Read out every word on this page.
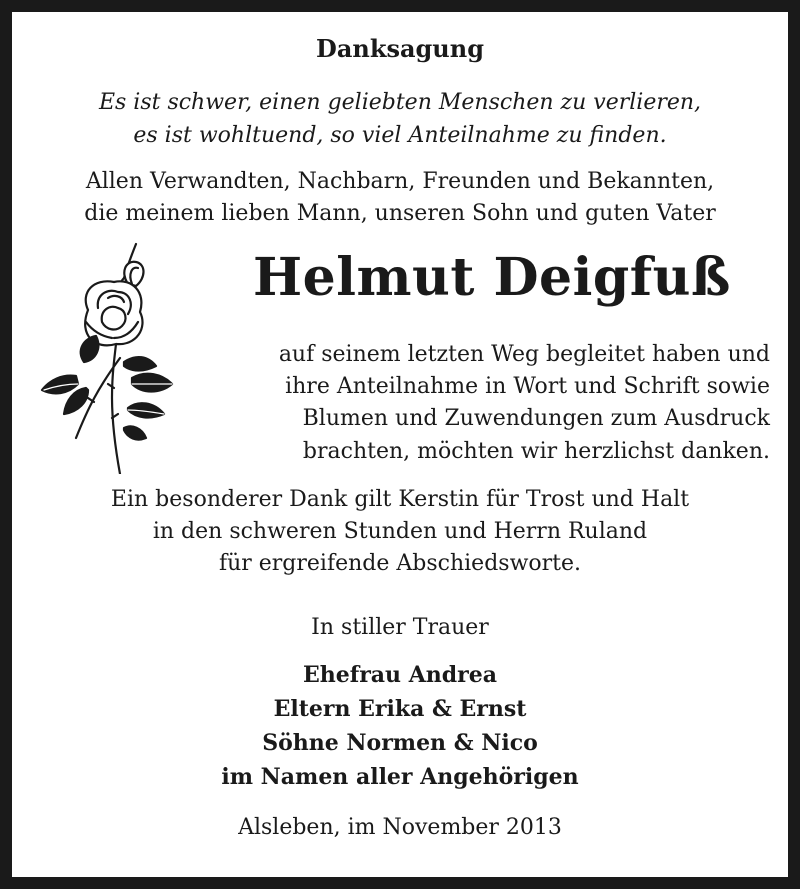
Danksagung
Es ist schwer, einen geliebten Menschen zu verlieren,
es ist wohltuend, so viel Anteilnahme zu finden.
Allen Verwandten, Nachbarn, Freunden und Bekannten,
die meinem lieben Mann, unseren Sohn und guten Vater
Helmut Deigfuß
auf seinem letzten Weg begleitet haben und
ihre Anteilnahme in Wort und Schrift sowie
Blumen und Zuwendungen zum Ausdruck
brachten, möchten wir herzlichst danken.
Ein besonderer Dank gilt Kerstin für Trost und Halt
in den schweren Stunden und Herrn Ruland
für ergreifende Abschiedsworte.
In stiller Trauer
Ehefrau Andrea
Eltern Erika & Ernst
Söhne Normen & Nico
im Namen aller Angehörigen
Alsleben, im November 2013
